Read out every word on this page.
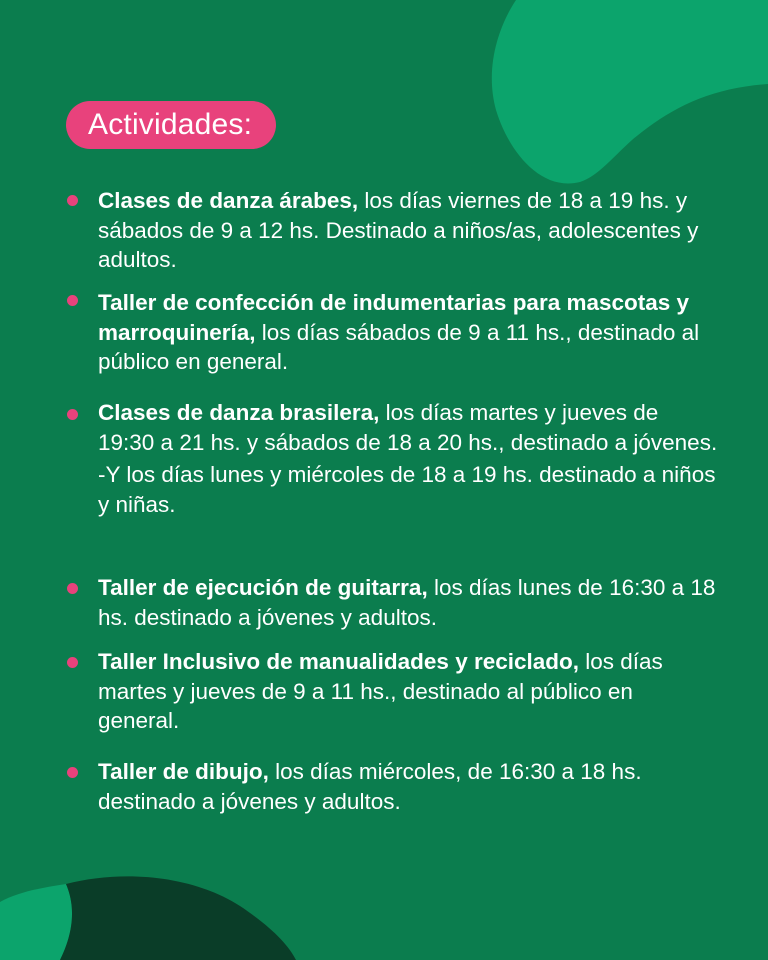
Actividades:
Clases de danza árabes, los días viernes de 18 a 19 hs. y sábados de 9 a 12 hs. Destinado a niños/as, adolescentes y adultos.
Taller de confección de indumentarias para mascotas y marroquinería, los días sábados de 9 a 11 hs., destinado al público en general.
Clases de danza brasilera, los días martes y jueves de 19:30 a 21 hs. y sábados de 18 a 20 hs., destinado a jóvenes.
-Y los días lunes y miércoles de 18 a 19 hs. destinado a niños y niñas.
Taller de ejecución de guitarra, los días lunes de 16:30 a 18 hs. destinado a jóvenes y adultos.
Taller Inclusivo de manualidades y reciclado, los días martes y jueves de 9 a 11 hs., destinado al público en general.
Taller de dibujo, los días miércoles, de 16:30 a 18 hs. destinado a jóvenes y adultos.
